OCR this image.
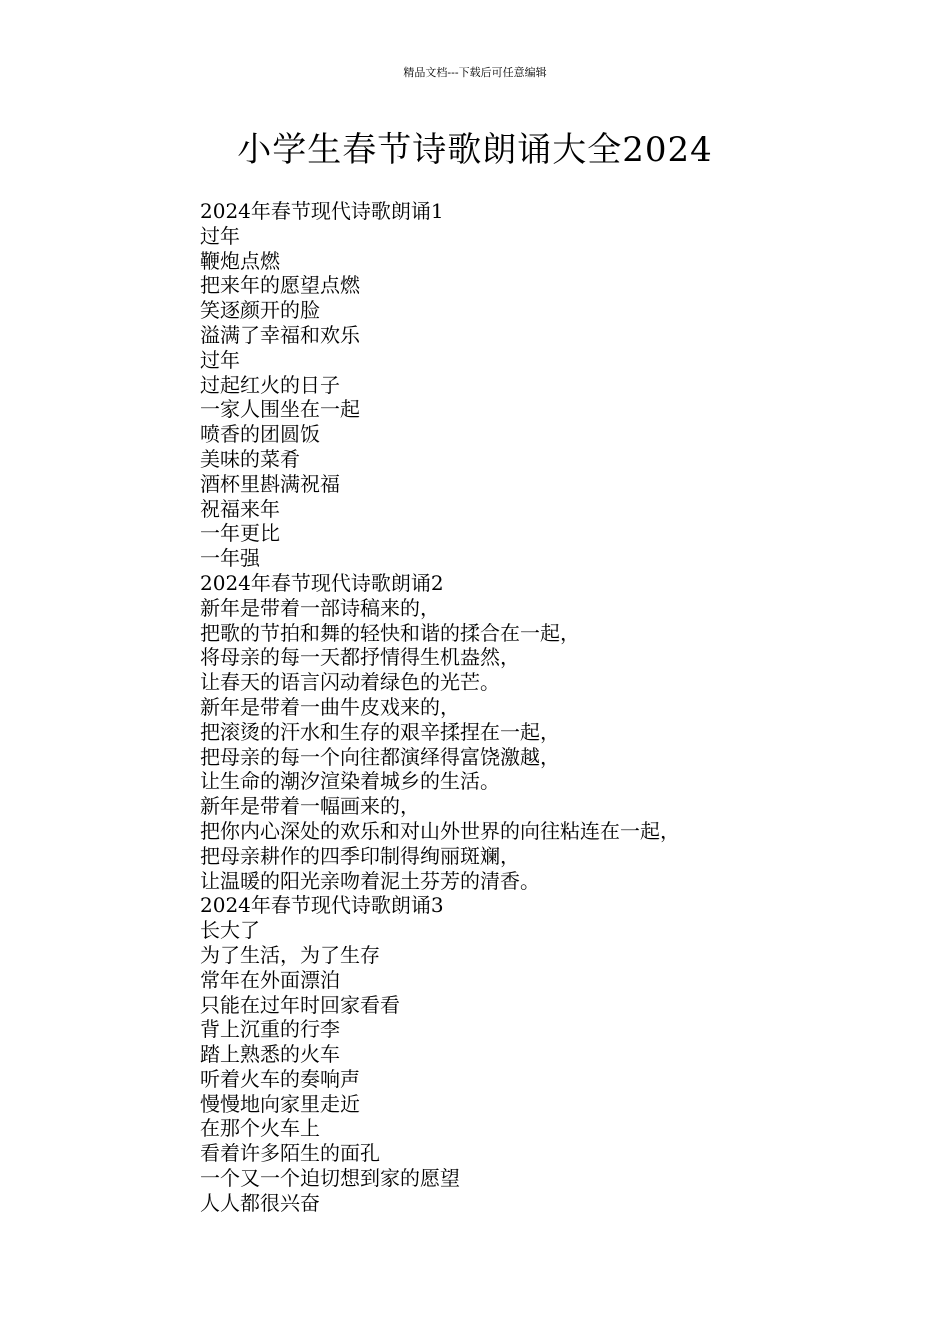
精品文档---下载后可任意编辑
小学生春节诗歌朗诵大全2024
2024年春节现代诗歌朗诵1
过年
鞭炮点燃
把来年的愿望点燃
笑逐颜开的脸
溢满了幸福和欢乐
过年
过起红火的日子
一家人围坐在一起
喷香的团圆饭
美味的菜肴
酒杯里斟满祝福
祝福来年
一年更比
一年强
2024年春节现代诗歌朗诵2
新年是带着一部诗稿来的，
把歌的节拍和舞的轻快和谐的揉合在一起，
将母亲的每一天都抒情得生机盎然，
让春天的语言闪动着绿色的光芒。
新年是带着一曲牛皮戏来的，
把滚烫的汗水和生存的艰辛揉捏在一起，
把母亲的每一个向往都演绎得富饶激越，
让生命的潮汐渲染着城乡的生活。
新年是带着一幅画来的，
把你内心深处的欢乐和对山外世界的向往粘连在一起，
把母亲耕作的四季印制得绚丽斑斓，
让温暖的阳光亲吻着泥土芬芳的清香。
2024年春节现代诗歌朗诵3
长大了
为了生活，为了生存
常年在外面漂泊
只能在过年时回家看看
背上沉重的行李
踏上熟悉的火车
听着火车的奏响声
慢慢地向家里走近
在那个火车上
看着许多陌生的面孔
一个又一个迫切想到家的愿望
人人都很兴奋
